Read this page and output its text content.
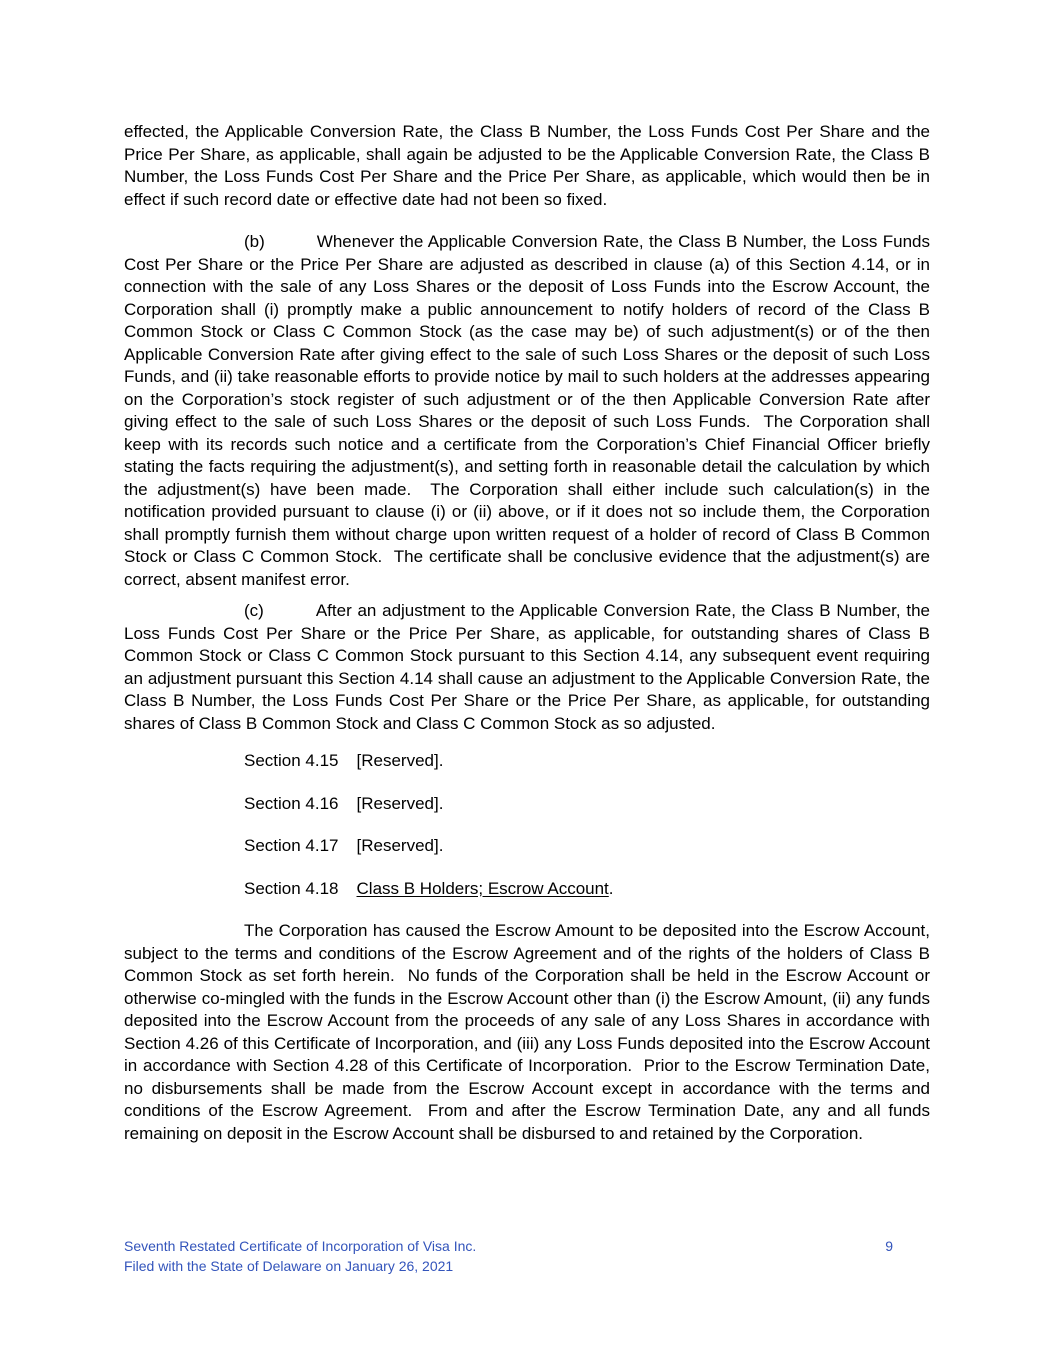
effected, the Applicable Conversion Rate, the Class B Number, the Loss Funds Cost Per Share and the Price Per Share, as applicable, shall again be adjusted to be the Applicable Conversion Rate, the Class B Number, the Loss Funds Cost Per Share and the Price Per Share, as applicable, which would then be in effect if such record date or effective date had not been so fixed.

(b)	Whenever the Applicable Conversion Rate, the Class B Number, the Loss Funds Cost Per Share or the Price Per Share are adjusted as described in clause (a) of this Section 4.14, or in connection with the sale of any Loss Shares or the deposit of Loss Funds into the Escrow Account, the Corporation shall (i) promptly make a public announcement to notify holders of record of the Class B Common Stock or Class C Common Stock (as the case may be) of such adjustment(s) or of the then Applicable Conversion Rate after giving effect to the sale of such Loss Shares or the deposit of such Loss Funds, and (ii) take reasonable efforts to provide notice by mail to such holders at the addresses appearing on the Corporation’s stock register of such adjustment or of the then Applicable Conversion Rate after giving effect to the sale of such Loss Shares or the deposit of such Loss Funds.  The Corporation shall keep with its records such notice and a certificate from the Corporation’s Chief Financial Officer briefly stating the facts requiring the adjustment(s), and setting forth in reasonable detail the calculation by which the adjustment(s) have been made.  The Corporation shall either include such calculation(s) in the notification provided pursuant to clause (i) or (ii) above, or if it does not so include them, the Corporation shall promptly furnish them without charge upon written request of a holder of record of Class B Common Stock or Class C Common Stock.  The certificate shall be conclusive evidence that the adjustment(s) are correct, absent manifest error.

(c)	After an adjustment to the Applicable Conversion Rate, the Class B Number, the Loss Funds Cost Per Share or the Price Per Share, as applicable, for outstanding shares of Class B Common Stock or Class C Common Stock pursuant to this Section 4.14, any subsequent event requiring an adjustment pursuant this Section 4.14 shall cause an adjustment to the Applicable Conversion Rate, the Class B Number, the Loss Funds Cost Per Share or the Price Per Share, as applicable, for outstanding shares of Class B Common Stock and Class C Common Stock as so adjusted.

Section 4.15 [Reserved].

Section 4.16 [Reserved].

Section 4.17 [Reserved].

Section 4.18 Class B Holders; Escrow Account.

The Corporation has caused the Escrow Amount to be deposited into the Escrow Account, subject to the terms and conditions of the Escrow Agreement and of the rights of the holders of Class B Common Stock as set forth herein.  No funds of the Corporation shall be held in the Escrow Account or otherwise co-mingled with the funds in the Escrow Account other than (i) the Escrow Amount, (ii) any funds deposited into the Escrow Account from the proceeds of any sale of any Loss Shares in accordance with Section 4.26 of this Certificate of Incorporation, and (iii) any Loss Funds deposited into the Escrow Account in accordance with Section 4.28 of this Certificate of Incorporation.  Prior to the Escrow Termination Date, no disbursements shall be made from the Escrow Account except in accordance with the terms and conditions of the Escrow Agreement.  From and after the Escrow Termination Date, any and all funds remaining on deposit in the Escrow Account shall be disbursed to and retained by the Corporation.

Seventh Restated Certificate of Incorporation of Visa Inc.	9
Filed with the State of Delaware on January 26, 2021
